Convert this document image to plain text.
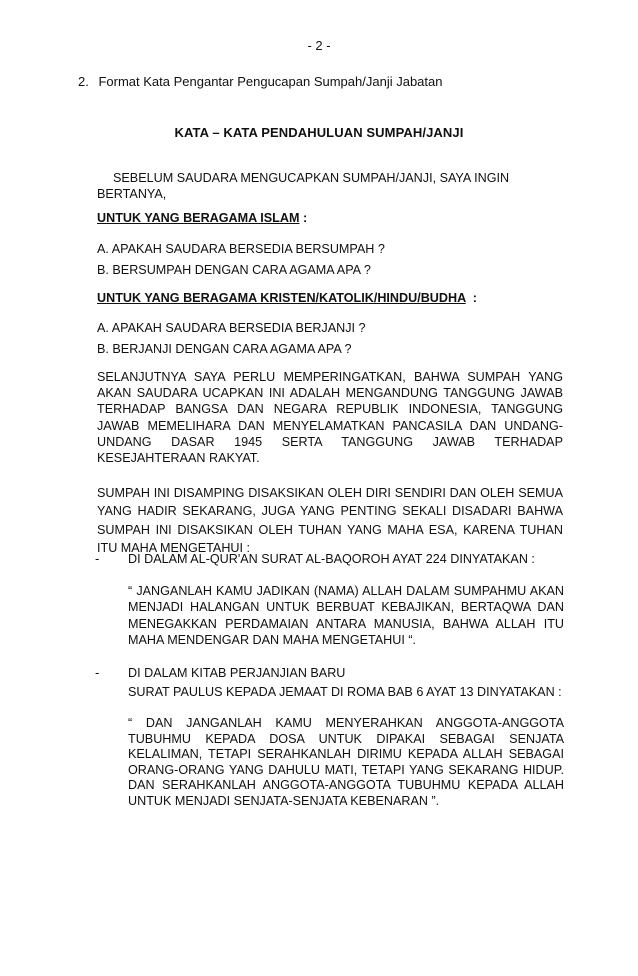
- 2 -
2. Format Kata Pengantar Pengucapan Sumpah/Janji Jabatan
KATA – KATA PENDAHULUAN SUMPAH/JANJI

SEBELUM SAUDARA MENGUCAPKAN SUMPAH/JANJI, SAYA INGIN BERTANYA,

UNTUK YANG BERAGAMA ISLAM :
A. APAKAH SAUDARA BERSEDIA BERSUMPAH ?
B. BERSUMPAH DENGAN CARA AGAMA APA ?
UNTUK YANG BERAGAMA KRISTEN/KATOLIK/HINDU/BUDHA  :
A. APAKAH SAUDARA BERSEDIA BERJANJI ?
B. BERJANJI DENGAN CARA AGAMA APA ?

SELANJUTNYA SAYA PERLU MEMPERINGATKAN, BAHWA SUMPAH YANG AKAN SAUDARA UCAPKAN INI ADALAH MENGANDUNG TANGGUNG JAWAB TERHADAP BANGSA DAN NEGARA REPUBLIK INDONESIA, TANGGUNG JAWAB MEMELIHARA DAN MENYELAMATKAN PANCASILA DAN UNDANG-UNDANG DASAR 1945 SERTA TANGGUNG JAWAB TERHADAP KESEJAHTERAAN RAKYAT.

SUMPAH INI DISAMPING DISAKSIKAN OLEH DIRI SENDIRI DAN OLEH SEMUA YANG HADIR SEKARANG, JUGA YANG PENTING SEKALI DISADARI BAHWA SUMPAH INI DISAKSIKAN OLEH TUHAN YANG MAHA ESA, KARENA TUHAN ITU MAHA MENGETAHUI :

- DI DALAM AL-QUR'AN SURAT AL-BAQOROH AYAT 224 DINYATAKAN :

“ JANGANLAH KAMU JADIKAN (NAMA) ALLAH DALAM SUMPAHMU AKAN MENJADI HALANGAN UNTUK BERBUAT KEBAJIKAN, BERTAQWA DAN MENEGAKKAN PERDAMAIAN ANTARA MANUSIA, BAHWA ALLAH ITU MAHA MENDENGAR DAN MAHA MENGETAHUI “.

- DI DALAM KITAB PERJANJIAN BARU

SURAT PAULUS KEPADA JEMAAT DI ROMA BAB 6 AYAT 13 DINYATAKAN :

“ DAN JANGANLAH KAMU MENYERAHKAN ANGGOTA-ANGGOTA TUBUHMU KEPADA DOSA UNTUK DIPAKAI SEBAGAI SENJATA KELALIMAN, TETAPI SERAHKANLAH DIRIMU KEPADA ALLAH SEBAGAI ORANG-ORANG YANG DAHULU MATI, TETAPI YANG SEKARANG HIDUP. DAN SERAHKANLAH ANGGOTA-ANGGOTA TUBUHMU KEPADA ALLAH UNTUK MENJADI SENJATA-SENJATA KEBENARAN ”.
